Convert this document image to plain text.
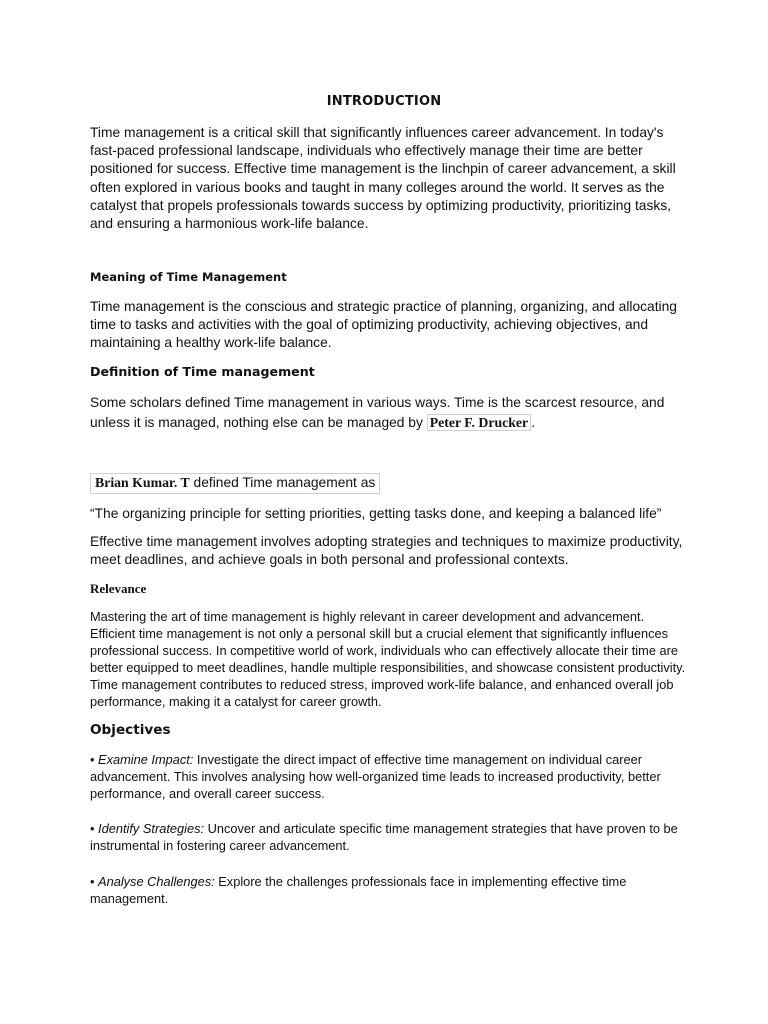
INTRODUCTION

Time management is a critical skill that significantly influences career advancement. In today's fast-paced professional landscape, individuals who effectively manage their time are better positioned for success. Effective time management is the linchpin of career advancement, a skill often explored in various books and taught in many colleges around the world. It serves as the catalyst that propels professionals towards success by optimizing productivity, prioritizing tasks, and ensuring a harmonious work-life balance.

Meaning of Time Management

Time management is the conscious and strategic practice of planning, organizing, and allocating time to tasks and activities with the goal of optimizing productivity, achieving objectives, and maintaining a healthy work-life balance.

Definition of Time management

Some scholars defined Time management in various ways. Time is the scarcest resource, and unless it is managed, nothing else can be managed by Peter F. Drucker .

Brian Kumar. T defined Time management as

“The organizing principle for setting priorities, getting tasks done, and keeping a balanced life”

Effective time management involves adopting strategies and techniques to maximize productivity, meet deadlines, and achieve goals in both personal and professional contexts.

Relevance

Mastering the art of time management is highly relevant in career development and advancement. Efficient time management is not only a personal skill but a crucial element that significantly influences professional success. In competitive world of work, individuals who can effectively allocate their time are better equipped to meet deadlines, handle multiple responsibilities, and showcase consistent productivity. Time management contributes to reduced stress, improved work-life balance, and enhanced overall job performance, making it a catalyst for career growth.

Objectives

• Examine Impact: Investigate the direct impact of effective time management on individual career advancement. This involves analysing how well-organized time leads to increased productivity, better performance, and overall career success.

• Identify Strategies: Uncover and articulate specific time management strategies that have proven to be instrumental in fostering career advancement.

• Analyse Challenges: Explore the challenges professionals face in implementing effective time management.
